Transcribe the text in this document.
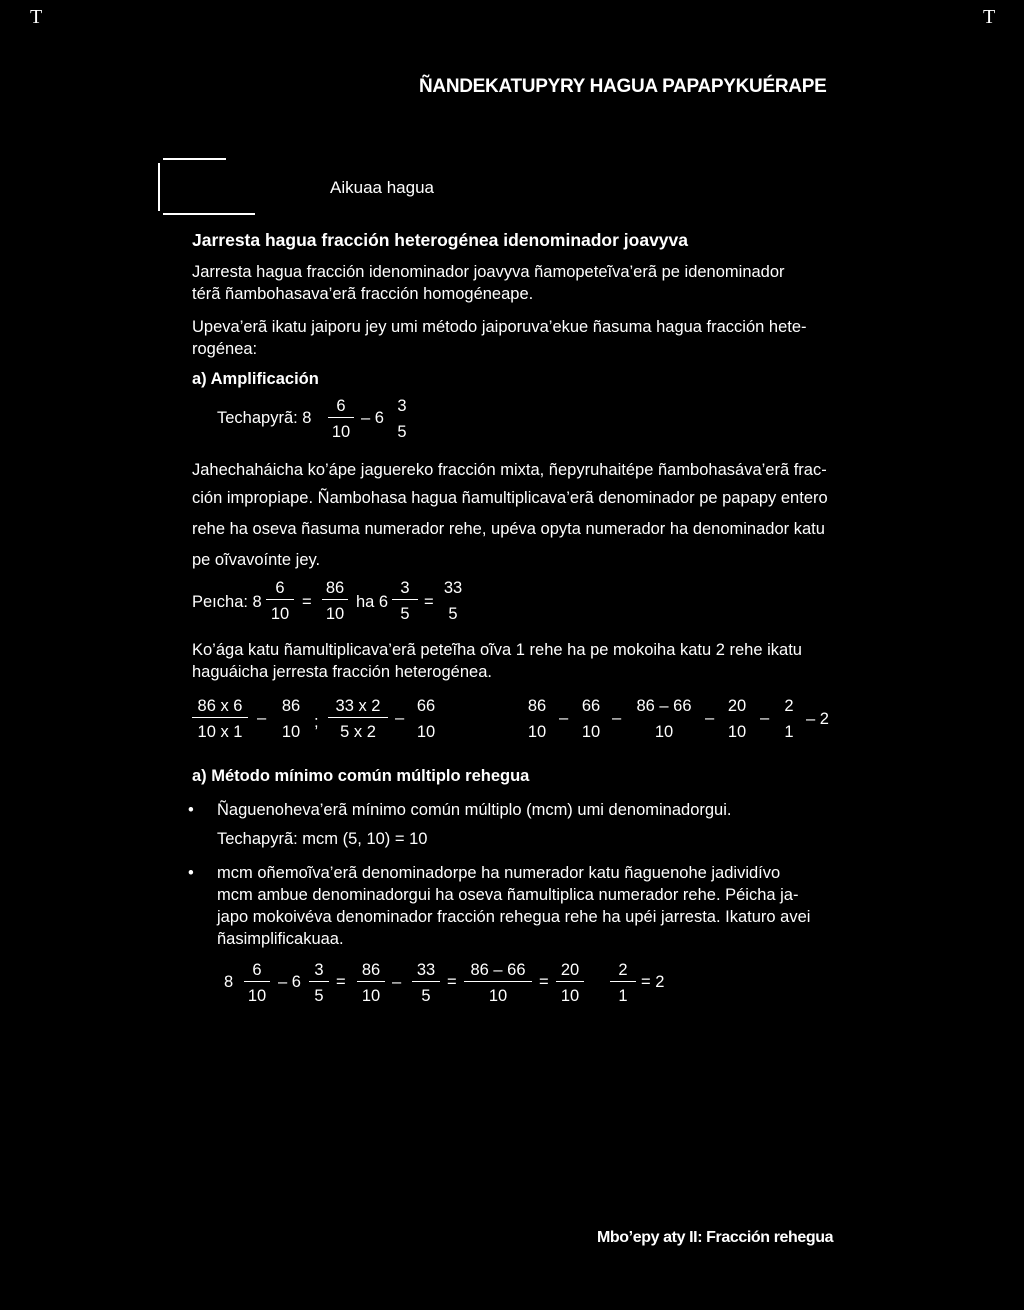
T	T
ÑANDEKATUPYRY HAGUA PAPAPYKUÉRAPE
Aikuaa hagua
Jarresta hagua fracción heterogénea idenominador joavyva
Jarresta hagua fracción idenominador joavyva ñamopeteĩva’erã pe idenominador
térã ñambohasava’erã fracción homogéneape.
Upeva’erã ikatu jaiporu jey umi método jaiporuva’ekue ñasuma hagua fracción hete-
rogénea:
a) Amplificación
Techapyrã: 8
6
10
– 6
3
5
Jahechaháicha ko’ápe jaguereko fracción mixta, ñepyruhaitépe ñambohasáva’erã frac-
ción impropiape. Ñambohasa hagua ñamultiplicava’erã denominador pe papapy entero
rehe ha oseva ñasuma numerador rehe, upéva opyta numerador ha denominador katu
pe oĩvavoínte jey.
Peıcha: 8
6
10
=
86
10
ha 6
3
5
=
33
5
Ko’ága katu ñamultiplicava’erã peteĩha oĩva 1 rehe ha pe mokoiha katu 2 rehe ikatu
haguáicha jerresta fracción heterogénea.
86 x 6
10 x 1
–
86
10
;
33 x 2
5 x 2
–
66
10
86
10
–
66
10
–
86 – 66
10
–
20
10
–
2
1
– 2
a) Método mínimo común múltiplo rehegua
• Ñaguenoheva’erã mínimo común múltiplo (mcm) umi denominadorgui.
Techapyrã: mcm (5, 10) = 10
• mcm oñemoĩva’erã denominadorpe ha numerador katu ñaguenohe jadividívo
mcm ambue denominadorgui ha oseva ñamultiplica numerador rehe. Péicha ja-
japo mokoivéva denominador fracción rehegua rehe ha upéi jarresta. Ikaturo avei
ñasimplificakuaa.
8
6
10
– 6
3
5
=
86
10
–
33
5
=
86 – 66
10
=
20
10
2
1
= 2
Mbo’epy aty II: Fracción rehegua
